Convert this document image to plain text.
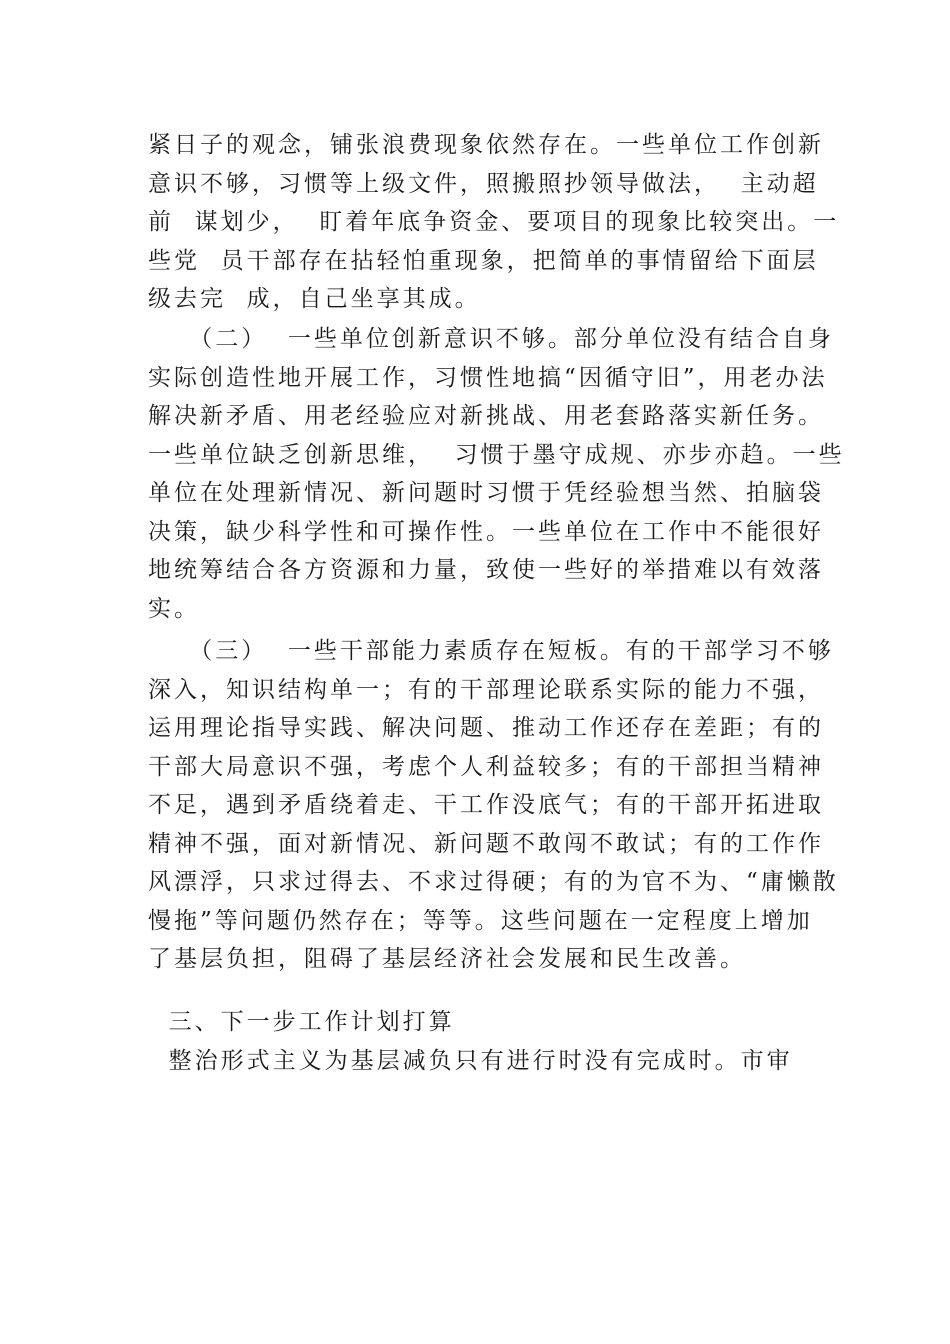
紧日子的观念，铺张浪费现象依然存在。一些单位工作创新
意识不够，习惯等上级文件，照搬照抄领导做法，  主动超
前  谋划少，  盯着年底争资金、要项目的现象比较突出。一
些党  员干部存在拈轻怕重现象，把简单的事情留给下面层
级去完  成，自己坐享其成。
（二）  一些单位创新意识不够。部分单位没有结合自身
实际创造性地开展工作，习惯性地搞“因循守旧”，用老办法
解决新矛盾、用老经验应对新挑战、用老套路落实新任务。
一些单位缺乏创新思维，  习惯于墨守成规、亦步亦趋。一些
单位在处理新情况、新问题时习惯于凭经验想当然、拍脑袋
决策，缺少科学性和可操作性。一些单位在工作中不能很好
地统筹结合各方资源和力量，致使一些好的举措难以有效落
实。
（三）  一些干部能力素质存在短板。有的干部学习不够
深入，知识结构单一；有的干部理论联系实际的能力不强，
运用理论指导实践、解决问题、推动工作还存在差距；有的
干部大局意识不强，考虑个人利益较多；有的干部担当精神
不足，遇到矛盾绕着走、干工作没底气；有的干部开拓进取
精神不强，面对新情况、新问题不敢闯不敢试；有的工作作
风漂浮，只求过得去、不求过得硬；有的为官不为、“庸懒散
慢拖”等问题仍然存在；等等。这些问题在一定程度上增加
了基层负担，阻碍了基层经济社会发展和民生改善。
三、下一步工作计划打算
整治形式主义为基层减负只有进行时没有完成时。市审
